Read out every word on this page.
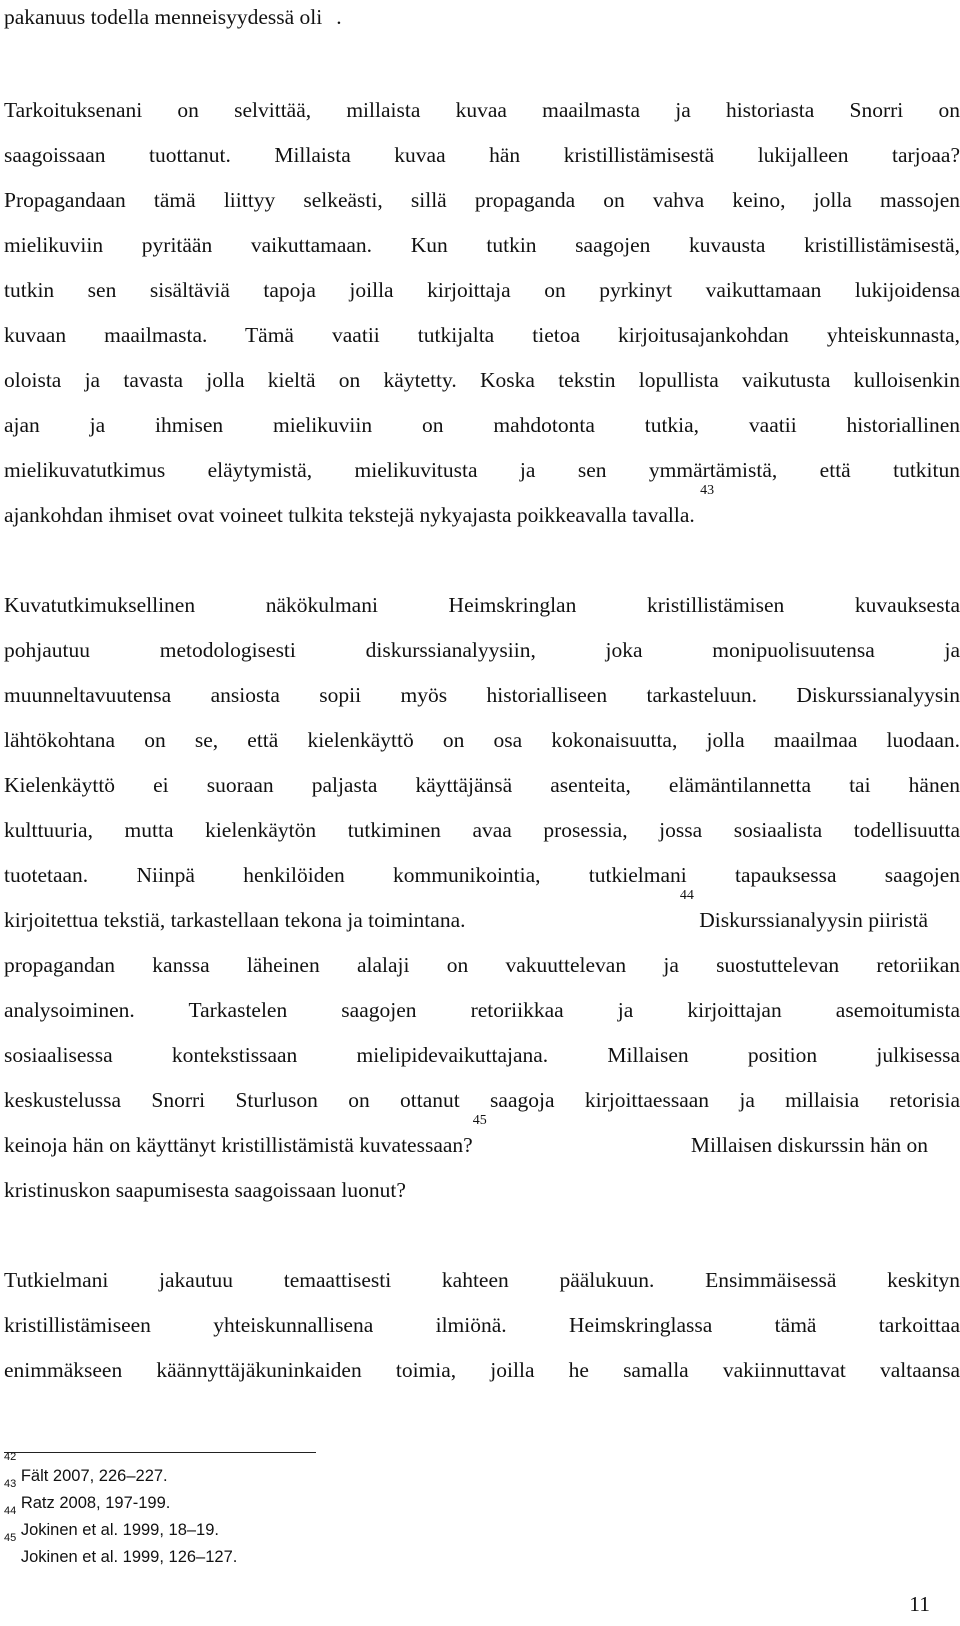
pakanuus todella menneisyydessä oli .
Tarkoituksenani on selvittää, millaista kuvaa maailmasta ja historiasta Snorri on
saagoissaan tuottanut. Millaista kuvaa hän kristillistämisestä lukijalleen tarjoaa?
Propagandaan tämä liittyy selkeästi, sillä propaganda on vahva keino, jolla massojen
mielikuviin pyritään vaikuttamaan. Kun tutkin saagojen kuvausta kristillistämisestä,
tutkin sen sisältäviä tapoja joilla kirjoittaja on pyrkinyt vaikuttamaan lukijoidensa
kuvaan maailmasta. Tämä vaatii tutkijalta tietoa kirjoitusajankohdan yhteiskunnasta,
oloista ja tavasta jolla kieltä on käytetty. Koska tekstin lopullista vaikutusta kulloisenkin
ajan ja ihmisen mielikuviin on mahdotonta tutkia, vaatii historiallinen
mielikuvatutkimus eläytymistä, mielikuvitusta ja sen ymmärtämistä, että tutkitun
ajankohdan ihmiset ovat voineet tulkita tekstejä nykyajasta poikkeavalla tavalla. $^{43}$
Kuvatutkimuksellinen näkökulmani Heimskringlan kristillistämisen kuvauksesta
pohjautuu metodologisesti diskurssianalyysiin, joka monipuolisuutensa ja
muunneltavuutensa ansiosta sopii myös historialliseen tarkasteluun. Diskurssianalyysin
lähtökohtana on se, että kielenkäyttö on osa kokonaisuutta, jolla maailmaa luodaan.
Kielenkäyttö ei suoraan paljasta käyttäjänsä asenteita, elämäntilannetta tai hänen
kulttuuria, mutta kielenkäytön tutkiminen avaa prosessia, jossa sosiaalista todellisuutta
tuotetaan. Niinpä henkilöiden kommunikointia, tutkielmani tapauksessa saagojen
kirjoitettua tekstiä, tarkastellaan tekona ja toimintana.
$^{44}$ Diskurssianalyysin piiristä
propagandan kanssa läheinen alalaji on vakuuttelevan ja suostuttelevan retoriikan
analysoiminen. Tarkastelen saagojen retoriikkaa ja kirjoittajan asemoitumista
sosiaalisessa kontekstissaan mielipidevaikuttajana. Millaisen position julkisessa
keskustelussa Snorri Sturluson on ottanut saagoja kirjoittaessaan ja millaisia retorisia
keinoja hän on käyttänyt kristillistämistä kuvatessaan?$^{45}$
Millaisen diskurssin hän on
kristinuskon saapumisesta saagoissaan luonut?
Tutkielmani jakautuu temaattisesti kahteen päälukuun. Ensimmäisessä keskityn
kristillistämiseen yhteiskunnallisena ilmiönä. Heimskringlassa tämä tarkoittaa
enimmäkseen käännyttäjäkuninkaiden toimia, joilla he samalla vakiinnuttavat valtaansa
$^{42}$ Fält 2007, 226–227.
$^{43}$ Ratz 2008, 197-199.
$^{44}$ Jokinen et al. 1999, 18–19.
$^{45}$ Jokinen et al. 1999, 126–127.
11
